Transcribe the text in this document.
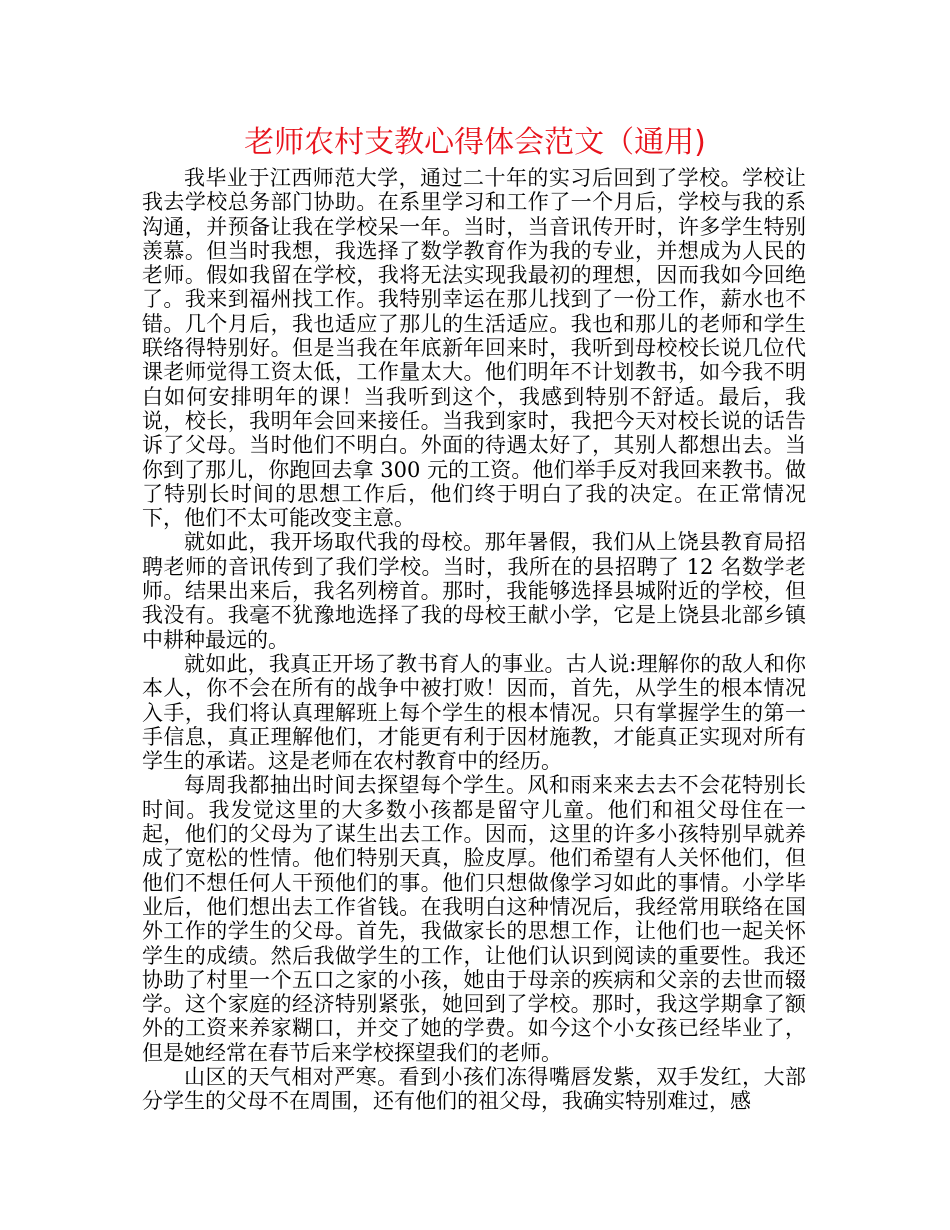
老师农村支教心得体会范文（通用)

我毕业于江西师范大学，通过二十年的实习后回到了学校。学校让我去学校总务部门协助。在系里学习和工作了一个月后，学校与我的系沟通，并预备让我在学校呆一年。当时，当音讯传开时，许多学生特别羡慕。但当时我想，我选择了数学教育作为我的专业，并想成为人民的老师。假如我留在学校，我将无法实现我最初的理想，因而我如今回绝了。我来到福州找工作。我特别幸运在那儿找到了一份工作，薪水也不错。几个月后，我也适应了那儿的生活适应。我也和那儿的老师和学生联络得特别好。但是当我在年底新年回来时，我听到母校校长说几位代课老师觉得工资太低，工作量太大。他们明年不计划教书，如今我不明白如何安排明年的课！当我听到这个，我感到特别不舒适。最后，我说，校长，我明年会回来接任。当我到家时，我把今天对校长说的话告诉了父母。当时他们不明白。外面的待遇太好了，其别人都想出去。当你到了那儿，你跑回去拿 300 元的工资。他们举手反对我回来教书。做了特别长时间的思想工作后，他们终于明白了我的决定。在正常情况下，他们不太可能改变主意。

就如此，我开场取代我的母校。那年暑假，我们从上饶县教育局招聘老师的音讯传到了我们学校。当时，我所在的县招聘了 12 名数学老师。结果出来后，我名列榜首。那时，我能够选择县城附近的学校，但我没有。我毫不犹豫地选择了我的母校王献小学，它是上饶县北部乡镇中耕种最远的。

就如此，我真正开场了教书育人的事业。古人说:理解你的敌人和你本人，你不会在所有的战争中被打败！因而，首先，从学生的根本情况入手，我们将认真理解班上每个学生的根本情况。只有掌握学生的第一手信息，真正理解他们，才能更有利于因材施教，才能真正实现对所有学生的承诺。这是老师在农村教育中的经历。

每周我都抽出时间去探望每个学生。风和雨来来去去不会花特别长时间。我发觉这里的大多数小孩都是留守儿童。他们和祖父母住在一起，他们的父母为了谋生出去工作。因而，这里的许多小孩特别早就养成了宽松的性情。他们特别天真，脸皮厚。他们希望有人关怀他们，但他们不想任何人干预他们的事。他们只想做像学习如此的事情。小学毕业后，他们想出去工作省钱。在我明白这种情况后，我经常用联络在国外工作的学生的父母。首先，我做家长的思想工作，让他们也一起关怀学生的成绩。然后我做学生的工作，让他们认识到阅读的重要性。我还协助了村里一个五口之家的小孩，她由于母亲的疾病和父亲的去世而辍学。这个家庭的经济特别紧张，她回到了学校。那时，我这学期拿了额外的工资来养家糊口，并交了她的学费。如今这个小女孩已经毕业了，但是她经常在春节后来学校探望我们的老师。

山区的天气相对严寒。看到小孩们冻得嘴唇发紫，双手发红，大部分学生的父母不在周围，还有他们的祖父母，我确实特别难过，感
